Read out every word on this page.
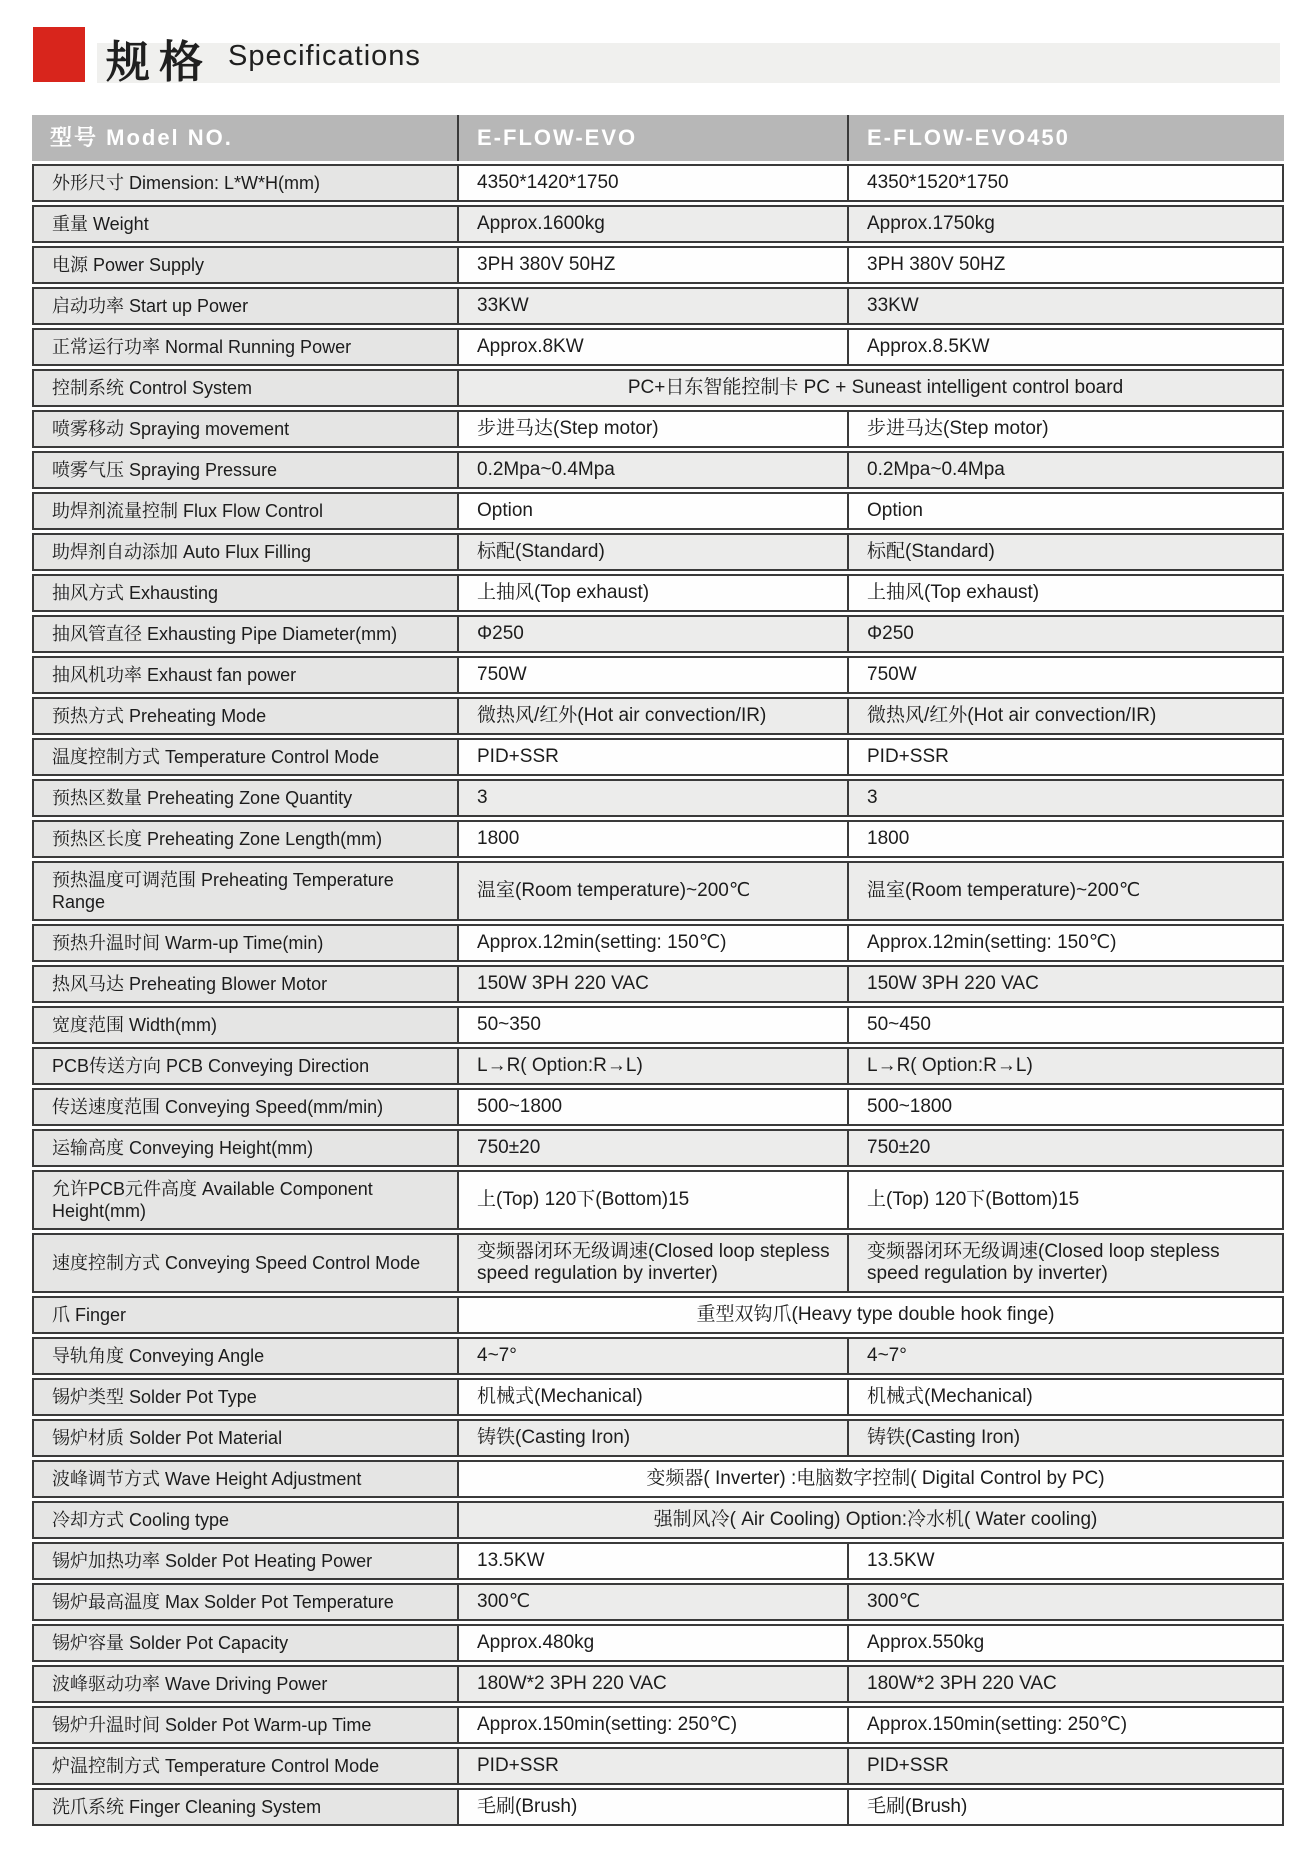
规格 Specifications
型号 Model NO.	E-FLOW-EVO	E-FLOW-EVO450
外形尺寸 Dimension: L*W*H(mm)	4350*1420*1750	4350*1520*1750
重量 Weight	Approx.1600kg	Approx.1750kg
电源 Power Supply	3PH 380V 50HZ	3PH 380V 50HZ
启动功率 Start up Power	33KW	33KW
正常运行功率 Normal Running Power	Approx.8KW	Approx.8.5KW
控制系统 Control System	PC+日东智能控制卡 PC + Suneast intelligent control board	
喷雾移动 Spraying movement	步进马达(Step motor)	步进马达(Step motor)
喷雾气压 Spraying Pressure	0.2Mpa~0.4Mpa	0.2Mpa~0.4Mpa
助焊剂流量控制 Flux Flow Control	Option	Option
助焊剂自动添加 Auto Flux Filling	标配(Standard)	标配(Standard)
抽风方式 Exhausting	上抽风(Top exhaust)	上抽风(Top exhaust)
抽风管直径 Exhausting Pipe Diameter(mm)	Φ250	Φ250
抽风机功率 Exhaust fan power	750W	750W
预热方式 Preheating Mode	微热风/红外(Hot air convection/IR)	微热风/红外(Hot air convection/IR)
温度控制方式 Temperature Control Mode	PID+SSR	PID+SSR
预热区数量 Preheating Zone Quantity	3	3
预热区长度 Preheating Zone Length(mm)	1800	1800
预热温度可调范围 Preheating Temperature Range	温室(Room temperature)~200℃	温室(Room temperature)~200℃
预热升温时间 Warm-up Time(min)	Approx.12min(setting: 150℃)	Approx.12min(setting: 150℃)
热风马达 Preheating Blower Motor	150W 3PH 220 VAC	150W 3PH 220 VAC
宽度范围 Width(mm)	50~350	50~450
PCB传送方向 PCB Conveying Direction	L→R( Option:R→L)	L→R( Option:R→L)
传送速度范围 Conveying Speed(mm/min)	500~1800	500~1800
运输高度 Conveying Height(mm)	750±20	750±20
允许PCB元件高度 Available Component Height(mm)	上(Top) 120下(Bottom)15	上(Top) 120下(Bottom)15
速度控制方式 Conveying Speed Control Mode	变频器闭环无级调速(Closed loop stepless speed regulation by inverter)	变频器闭环无级调速(Closed loop stepless speed regulation by inverter)
爪 Finger	重型双钩爪(Heavy type double hook finge)	
导轨角度 Conveying Angle	4~7°	4~7°
锡炉类型 Solder Pot Type	机械式(Mechanical)	机械式(Mechanical)
锡炉材质 Solder Pot Material	铸铁(Casting Iron)	铸铁(Casting Iron)
波峰调节方式 Wave Height Adjustment	变频器( Inverter) :电脑数字控制( Digital Control by PC)	
冷却方式 Cooling type	强制风冷( Air Cooling) Option:冷水机( Water cooling)	
锡炉加热功率 Solder Pot Heating Power	13.5KW	13.5KW
锡炉最高温度 Max Solder Pot Temperature	300℃	300℃
锡炉容量 Solder Pot Capacity	Approx.480kg	Approx.550kg
波峰驱动功率 Wave Driving Power	180W*2 3PH 220 VAC	180W*2 3PH 220 VAC
锡炉升温时间 Solder Pot Warm-up Time	Approx.150min(setting: 250℃)	Approx.150min(setting: 250℃)
炉温控制方式 Temperature Control Mode	PID+SSR	PID+SSR
洗爪系统 Finger Cleaning System	毛刷(Brush)	毛刷(Brush)
